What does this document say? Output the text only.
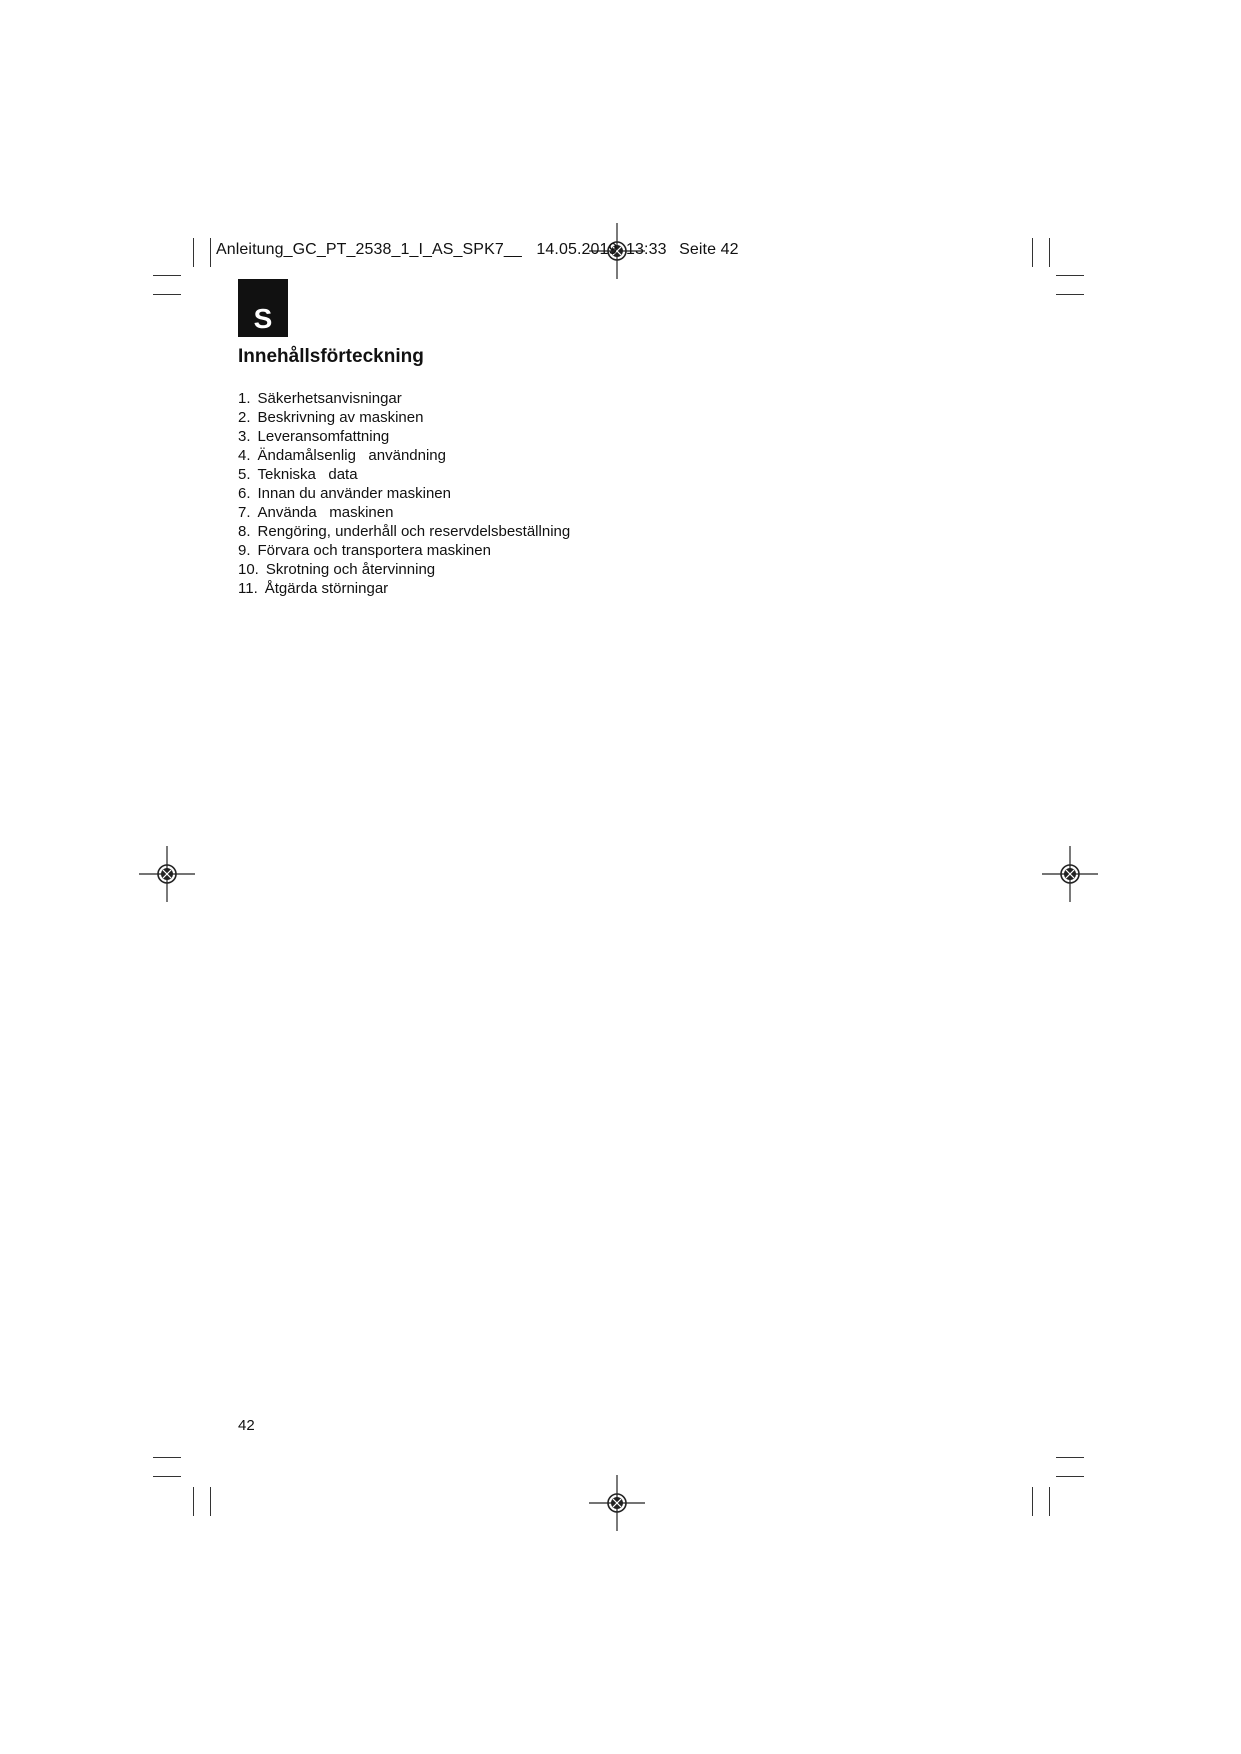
Anleitung_GC_PT_2538_1_I_AS_SPK7__ 14.05.2019 13:33 Seite 42
S
Innehållsförteckning
1. Säkerhetsanvisningar
2. Beskrivning av maskinen
3. Leveransomfattning
4. Ändamålsenlig   användning
5. Tekniska   data
6. Innan du använder maskinen
7. Använda   maskinen
8. Rengöring, underhåll och reservdelsbeställning
9. Förvara och transportera maskinen
10. Skrotning och återvinning
11. Åtgärda störningar
42
